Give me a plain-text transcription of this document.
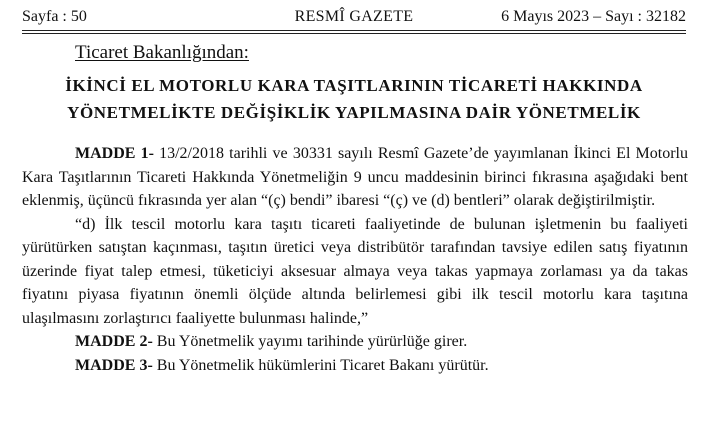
Sayfa : 50	RESMÎ GAZETE	6 Mayıs 2023 – Sayı : 32182
Ticaret Bakanlığından:
İKİNCİ EL MOTORLU KARA TAŞITLARININ TİCARETİ HAKKINDA
YÖNETMELİKTE DEĞİŞİKLİK YAPILMASINA DAİR YÖNETMELİK

MADDE 1- 13/2/2018 tarihli ve 30331 sayılı Resmî Gazete’de yayımlanan İkinci El Motorlu Kara Taşıtlarının Ticareti Hakkında Yönetmeliğin 9 uncu maddesinin birinci fıkrasına aşağıdaki bent eklenmiş, üçüncü fıkrasında yer alan “(ç) bendi” ibaresi “(ç) ve (d) bentleri” olarak değiştirilmiştir.

“d) İlk tescil motorlu kara taşıtı ticareti faaliyetinde de bulunan işletmenin bu faaliyeti yürütürken satıştan kaçınması, taşıtın üretici veya distribütör tarafından tavsiye edilen satış fiyatının üzerinde fiyat talep etmesi, tüketiciyi aksesuar almaya veya takas yapmaya zorlaması ya da takas fiyatını piyasa fiyatının önemli ölçüde altında belirlemesi gibi ilk tescil motorlu kara taşıtına ulaşılmasını zorlaştırıcı faaliyette bulunması halinde,”

MADDE 2- Bu Yönetmelik yayımı tarihinde yürürlüğe girer.

MADDE 3- Bu Yönetmelik hükümlerini Ticaret Bakanı yürütür.
